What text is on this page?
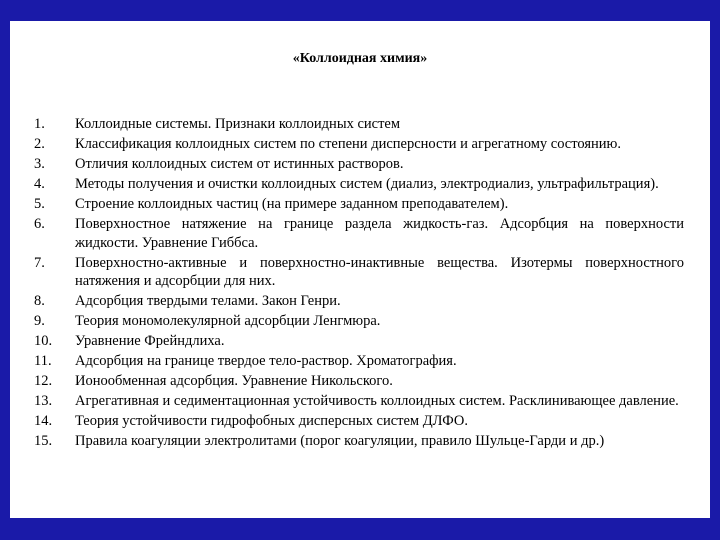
«Коллоидная химия»
1.	Коллоидные системы. Признаки коллоидных систем
2.	Классификация коллоидных систем по степени дисперсности и агрегатному состоянию.
3.	Отличия коллоидных систем от истинных растворов.
4.	Методы получения и очистки коллоидных систем (диализ, электродиализ, ультрафильтрация).
5.	Строение коллоидных частиц (на примере заданном преподавателем).
6.	Поверхностное натяжение на границе раздела жидкость-газ. Адсорбция на поверхности жидкости. Уравнение Гиббса.
7.	Поверхностно-активные и поверхностно-инактивные вещества. Изотермы поверхностного натяжения и адсорбции для них.
8.	Адсорбция твердыми телами. Закон Генри.
9.	Теория мономолекулярной адсорбции Ленгмюра.
10.	Уравнение Фрейндлиха.
11.	Адсорбция на границе твердое тело-раствор. Хроматография.
12.	Ионообменная адсорбция. Уравнение Никольского.
13.	Агрегативная и седиментационная устойчивость коллоидных систем. Расклинивающее давление.
14.	Теория устойчивости гидрофобных дисперсных систем ДЛФО.
15.	Правила коагуляции электролитами (порог коагуляции, правило Шульце-Гарди и др.)
